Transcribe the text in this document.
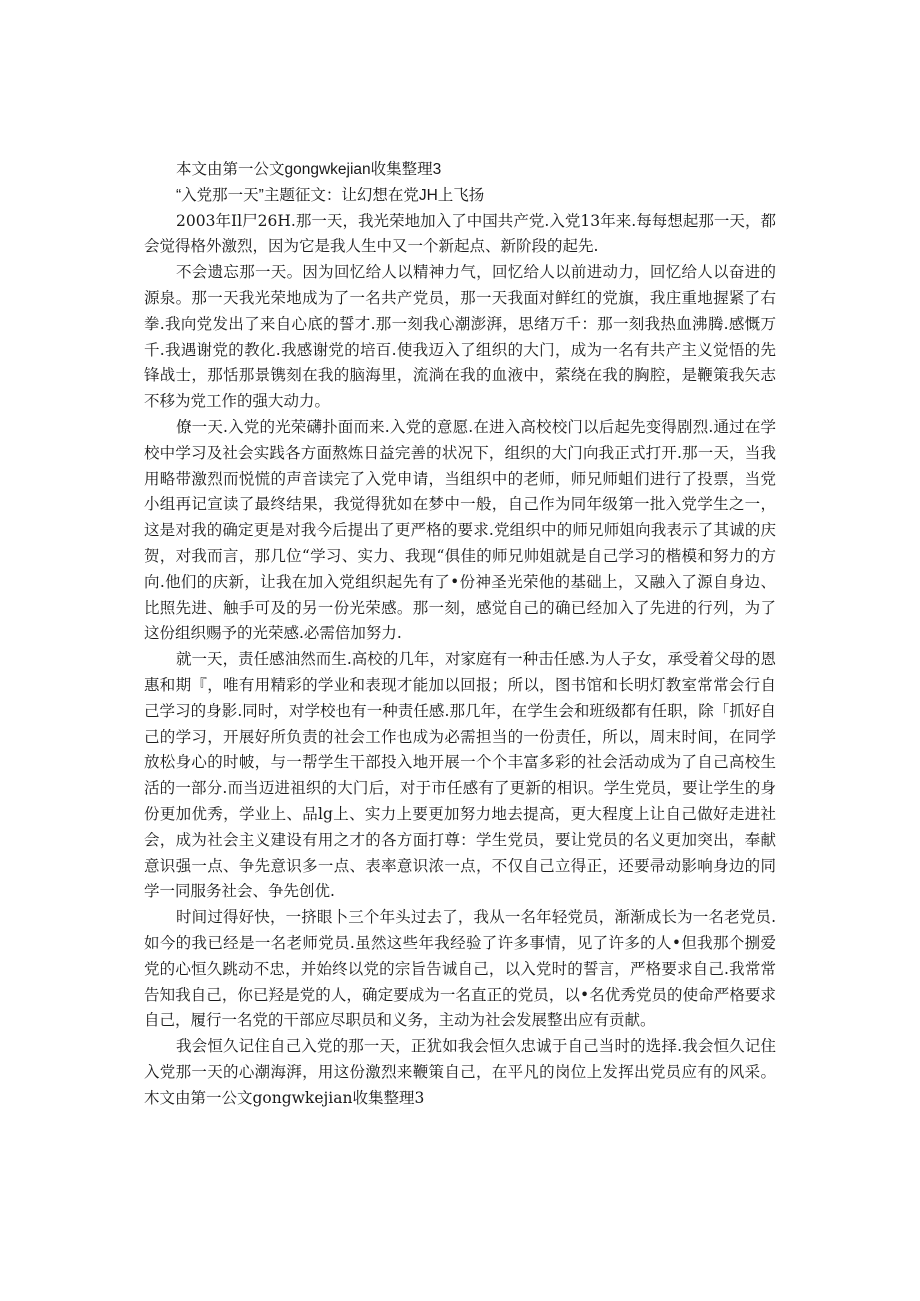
本文由第一公文gongwkejian收集整理3

“入党那一天”主题征文：让幻想在党JH上飞扬

2003年Il尸26H.那一天，我光荣地加入了中国共产党.入党13年来.每每想起那一天，都会觉得格外激烈，因为它是我人生中又一个新起点、新阶段的起先.

不会遗忘那一天。因为回忆给人以精神力气，回忆给人以前进动力，回忆给人以奋进的源泉。那一天我光荣地成为了一名共产党员，那一天我面对鲜红的党旗，我庄重地握紧了右拳.我向党发出了来自心底的誓才.那一刻我心潮澎湃，思绪万千：那一刻我热血沸腾.感慨万千.我遇谢党的教化.我感谢党的培百.使我迈入了组织的大门，成为一名有共产主义觉悟的先锋战士，那恬那景镌刻在我的脑海里，流淌在我的血液中，萦绕在我的胸腔，是鞭策我矢志不移为党工作的强大动力。

僚一天.入党的光荣礴扑面而来.入党的意愿.在进入高校校门以后起先变得剧烈.通过在学校中学习及社会实践各方面熬炼日益完善的状况下，组织的大门向我正式打开.那一天，当我用略带激烈而悦慌的声音读完了入党申请，当组织中的老师，师兄师蛆们进行了投票，当党小组再记宣读了最终结果，我觉得犹如在梦中一般，自己作为同年级第一批入党学生之一，这是对我的确定更是对我今后提出了更严格的要求.党组织中的师兄师姐向我表示了其诚的庆贺，对我而言，那几位“学习、实力、我现“俱佳的师兄帅姐就是自己学习的楷模和努力的方向.他们的庆新，让我在加入党组织起先有了•份神圣光荣他的基础上，又融入了源自身边、比照先进、触手可及的另一份光荣感。那一刻，感觉自己的确已经加入了先进的行列，为了这份组织赐予的光荣感.必需倍加努力.

就一天，责任感油然而生.高校的几年，对家庭有一种击任感.为人子女，承受着父母的恩惠和期『，唯有用精彩的学业和表现才能加以回报；所以，图书馆和长明灯教室常常会行自己学习的身影.同时，对学校也有一种责任感.那几年，在学生会和班级都有任职，除「抓好自己的学习，开展好所负责的社会工作也成为必需担当的一份责任，所以，周末时间，在同学放松身心的时帔，与一帮学生干部投入地开展一个个丰富多彩的社会活动成为了自己高校生活的一部分.而当迈进祖织的大门后，对于市任感有了更新的相识。学生党员，要让学生的身份更加优秀，学业上、品lg上、实力上要更加努力地去提高，更大程度上让自己做好走进社会，成为社会主义建设有用之才的各方面打尊：学生党员，要让党员的名义更加突出，奉献意识强一点、争先意识多一点、表率意识浓一点，不仅自己立得正，还要帚动影响身边的同学一同服务社会、争先创优.

时间过得好快，一挤眼卜三个年头过去了，我从一名年轻党员，渐渐成长为一名老党员.如今的我已经是一名老师党员.虽然这些年我经验了许多事情，见了许多的人•但我那个捌爱党的心恒久跳动不忠，并始终以党的宗旨告诚自己，以入党时的誓言，严格要求自己.我常常告知我自己，你已羟是党的人，确定要成为一名直正的党员，以•名优秀党员的使命严格要求自己，履行一名党的干部应尽职员和义务，主动为社会发展整出应有贡献。

我会恒久记住自己入党的那一天，正犹如我会恒久忠诚于自己当时的选择.我会恒久记住入党那一天的心潮海湃，用这份激烈来鞭策自己，在平凡的岗位上发挥出党员应有的风采。木文由第一公文gongwkejian收集整理3
